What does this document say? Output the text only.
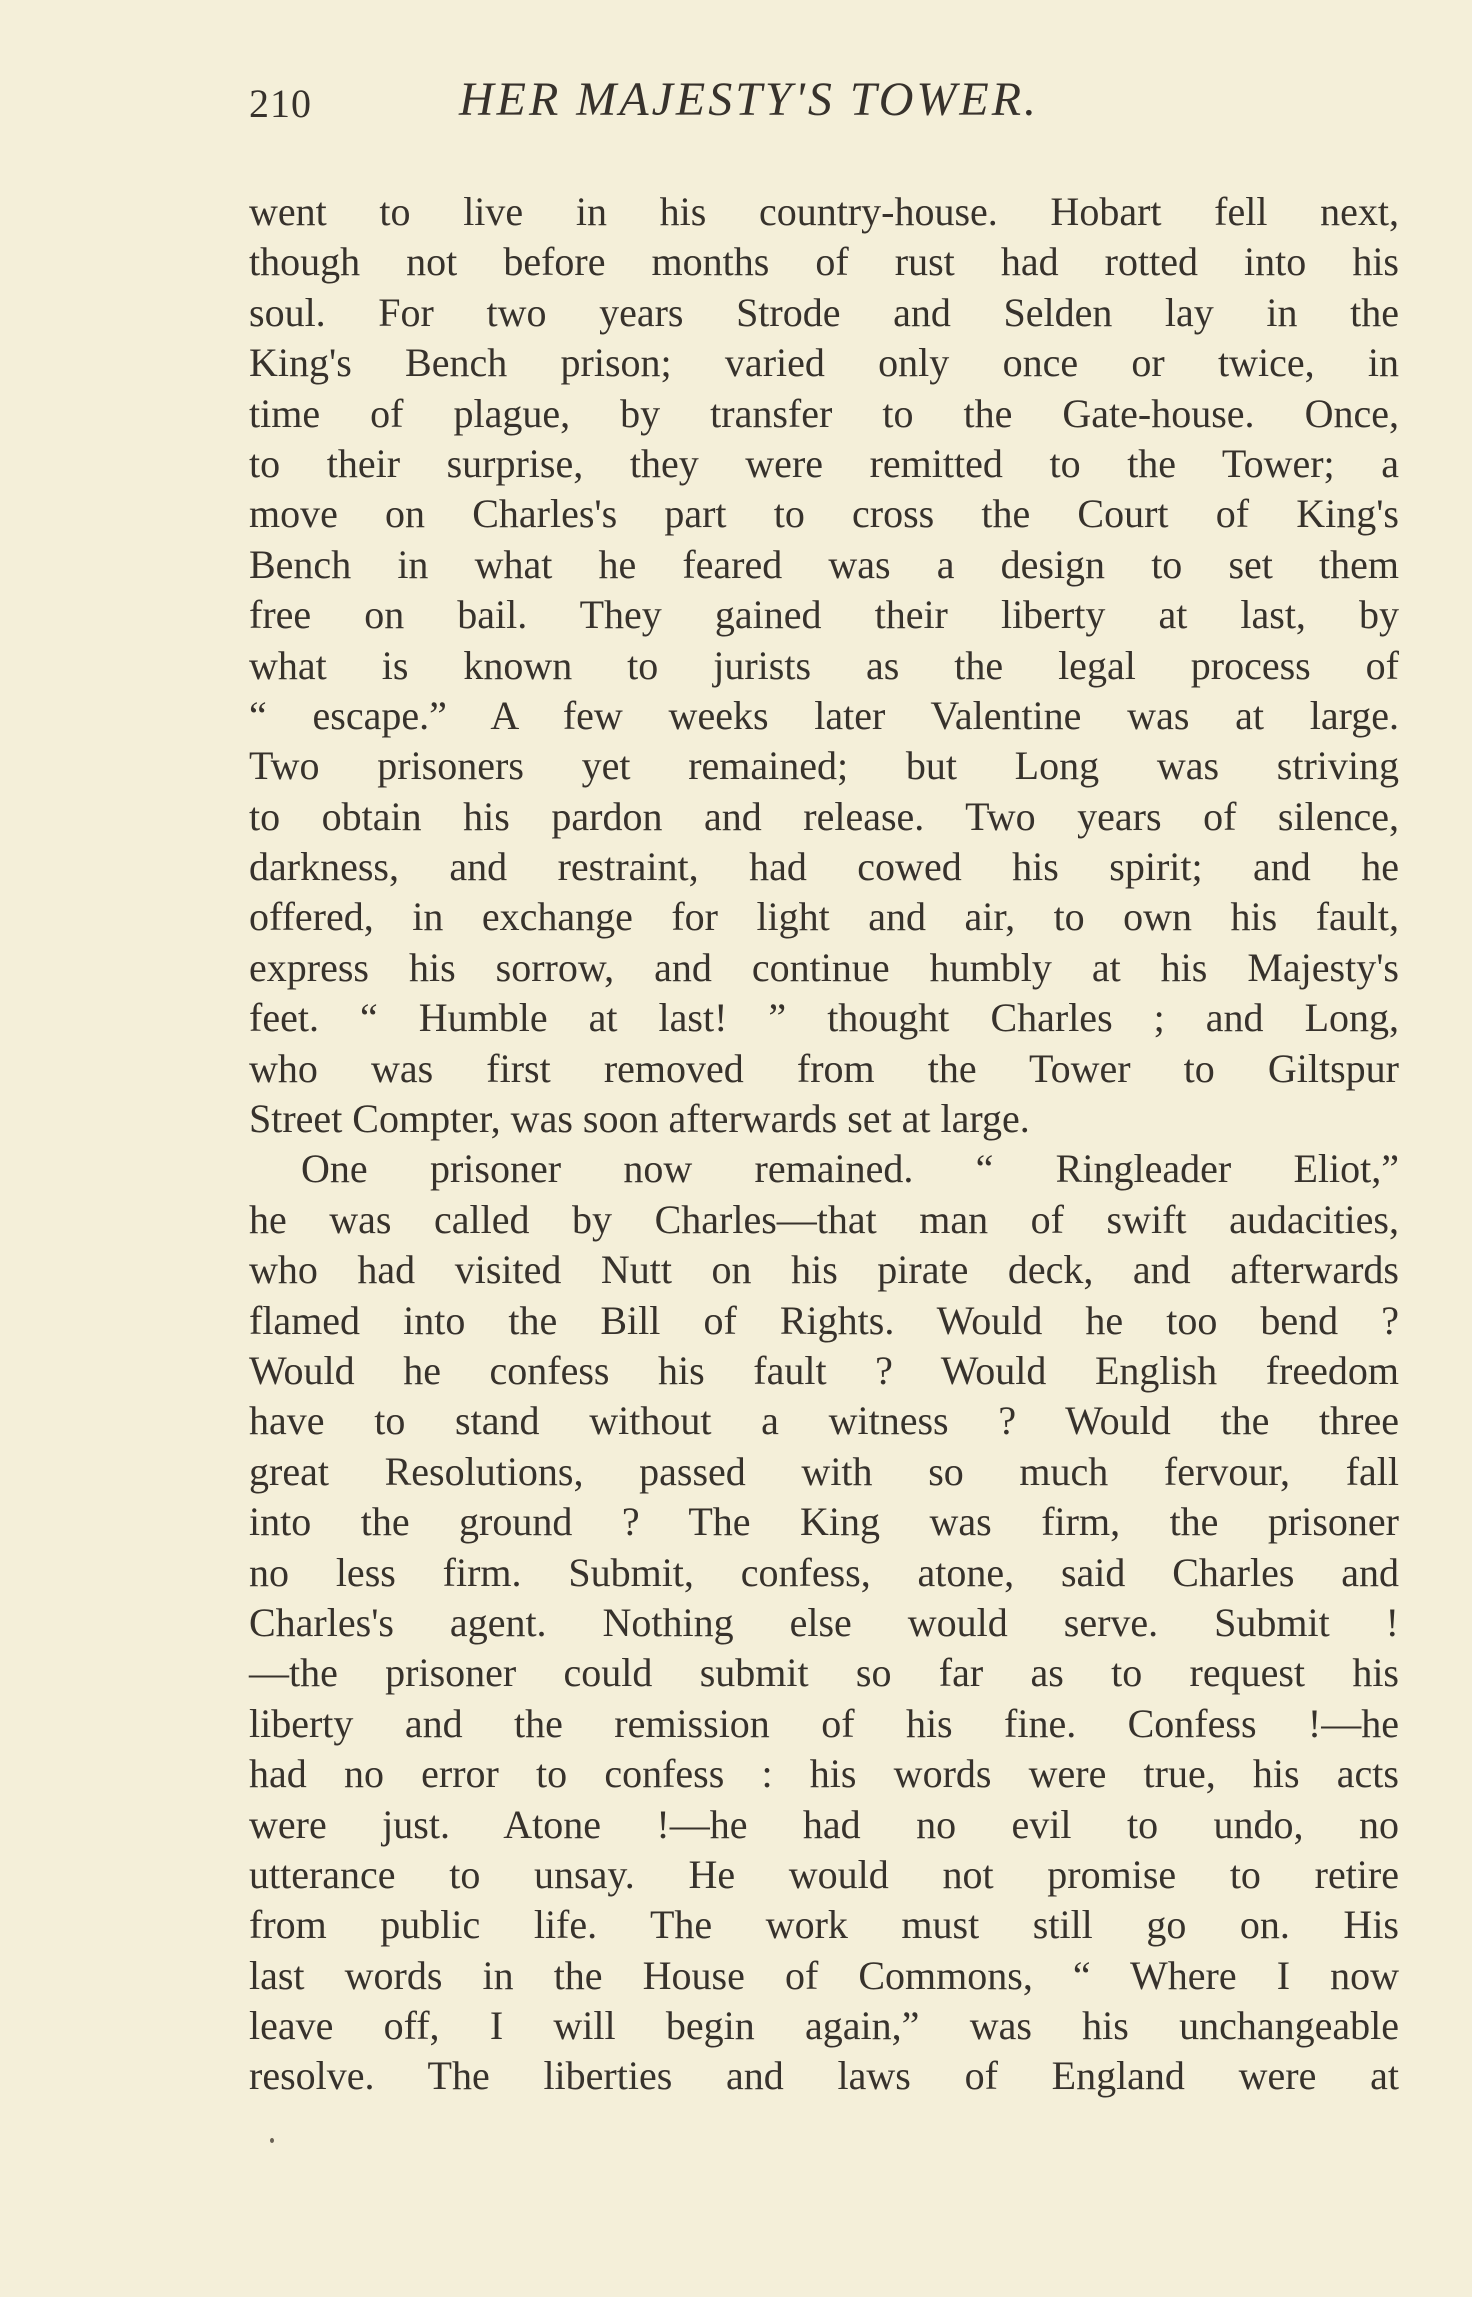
210	HER MAJESTY'S TOWER.
went to live in his country-house. Hobart fell next,
though not before months of rust had rotted into his
soul. For two years Strode and Selden lay in the
King's Bench prison; varied only once or twice, in
time of plague, by transfer to the Gate-house. Once,
to their surprise, they were remitted to the Tower; a
move on Charles's part to cross the Court of King's
Bench in what he feared was a design to set them
free on bail. They gained their liberty at last, by
what is known to jurists as the legal process of
“ escape.” A few weeks later Valentine was at large.
Two prisoners yet remained; but Long was striving
to obtain his pardon and release. Two years of silence,
darkness, and restraint, had cowed his spirit; and he
offered, in exchange for light and air, to own his fault,
express his sorrow, and continue humbly at his Majesty's
feet. “ Humble at last! ” thought Charles ; and Long,
who was first removed from the Tower to Giltspur
Street Compter, was soon afterwards set at large.
One prisoner now remained. “ Ringleader Eliot,”
he was called by Charles—that man of swift audacities,
who had visited Nutt on his pirate deck, and afterwards
flamed into the Bill of Rights. Would he too bend ?
Would he confess his fault ? Would English freedom
have to stand without a witness ? Would the three
great Resolutions, passed with so much fervour, fall
into the ground ? The King was firm, the prisoner
no less firm. Submit, confess, atone, said Charles and
Charles's agent. Nothing else would serve. Submit !
—the prisoner could submit so far as to request his
liberty and the remission of his fine. Confess !—he
had no error to confess : his words were true, his acts
were just. Atone !—he had no evil to undo, no
utterance to unsay. He would not promise to retire
from public life. The work must still go on. His
last words in the House of Commons, “ Where I now
leave off, I will begin again,” was his unchangeable
resolve. The liberties and laws of England were at
